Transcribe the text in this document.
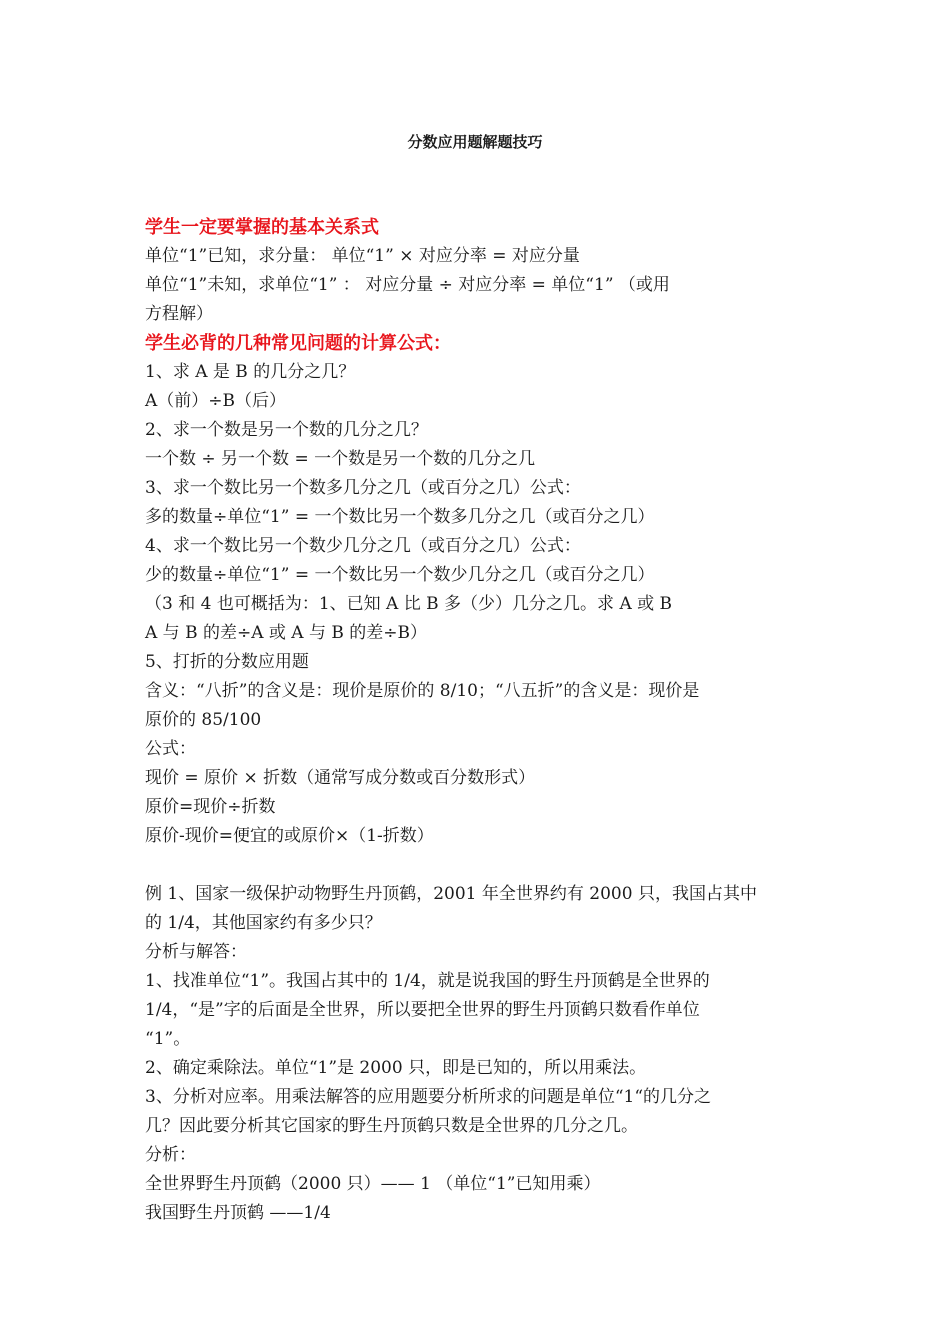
分数应用题解题技巧
学生一定要掌握的基本关系式
单位“1”已知，求分量： 单位“1” × 对应分率 = 对应分量
单位“1”未知，求单位“1” ： 对应分量 ÷ 对应分率 = 单位“1” （或用
方程解）
学生必背的几种常见问题的计算公式：
1、求 A 是 B 的几分之几？
A（前）÷B（后）
2、求一个数是另一个数的几分之几？
一个数 ÷ 另一个数 = 一个数是另一个数的几分之几
3、求一个数比另一个数多几分之几（或百分之几）公式：
多的数量÷单位“1” = 一个数比另一个数多几分之几（或百分之几）
4、求一个数比另一个数少几分之几（或百分之几）公式：
少的数量÷单位“1” = 一个数比另一个数少几分之几（或百分之几）
（3 和 4 也可概括为：1、已知 A 比 B 多（少）几分之几。求 A 或 B
A 与 B 的差÷A 或 A 与 B 的差÷B）
5、打折的分数应用题
含义：“八折”的含义是：现价是原价的 8/10；“八五折”的含义是：现价是
原价的 85/100
公式：
现价 = 原价 × 折数（通常写成分数或百分数形式）
原价=现价÷折数
原价-现价=便宜的或原价×（1-折数）
例 1、国家一级保护动物野生丹顶鹤，2001 年全世界约有 2000 只，我国占其中
的 1/4，其他国家约有多少只？
分析与解答：
1、找准单位“1”。我国占其中的 1/4，就是说我国的野生丹顶鹤是全世界的
1/4，“是”字的后面是全世界，所以要把全世界的野生丹顶鹤只数看作单位
“1”。
2、确定乘除法。单位“1”是 2000 只，即是已知的，所以用乘法。
3、分析对应率。用乘法解答的应用题要分析所求的问题是单位“1“的几分之
几？因此要分析其它国家的野生丹顶鹤只数是全世界的几分之几。
分析：
全世界野生丹顶鹤（2000 只）—— 1 （单位“1”已知用乘）
我国野生丹顶鹤 ——1/4
